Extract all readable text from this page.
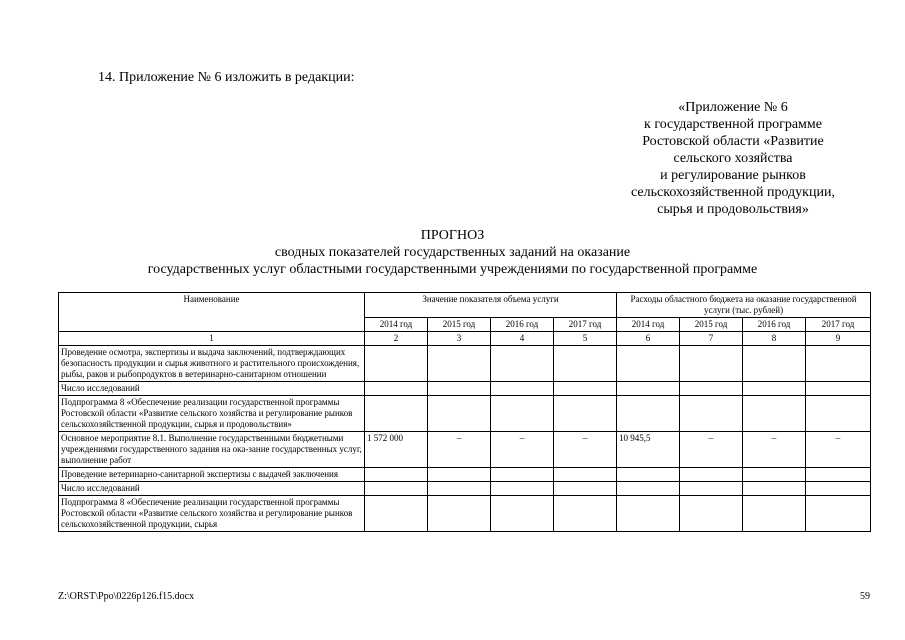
14. Приложение № 6 изложить в редакции:
«Приложение № 6
к государственной программе
Ростовской области «Развитие
сельского хозяйства
и регулирование рынков
сельскохозяйственной продукции,
сырья и продовольствия»
ПРОГНОЗ
сводных показателей государственных заданий на оказание
государственных услуг областными государственными учреждениями по государственной программе
Наименование	Значение показателя объема услуги				Расходы областного бюджета на оказание государственной услуги (тыс. рублей)			
	2014 год	2015 год	2016 год	2017 год	2014 год	2015 год	2016 год	2017 год
1	2	3	4	5	6	7	8	9
Проведение осмотра, экспертизы и выдача заключений, подтверждающих безопасность продукции и сырья животного и растительного происхождения, рыбы, раков и рыбопродуктов в ветеринарно-санитарном отношении								
Число исследований								
Подпрограмма 8 «Обеспечение реализации государственной программы Ростовской области «Развитие сельского хозяйства и регулирование рынков сельскохозяйственной продукции, сырья и продовольствия»								
Основное мероприятие 8.1. Выполнение государственными бюджетными учреждениями государственного задания на ока-зание государственных услуг, выполнение работ	1 572 000	–	–	–	10 945,5	–	–	–
Проведение ветеринарно-санитарной экспертизы с выдачей заключения								
Число исследований								
Подпрограмма 8 «Обеспечение реализации государственной программы Ростовской области «Развитие сельского хозяйства и регулирование рынков сельскохозяйственной продукции, сырья								
Z:\ORST\Ppo\0226p126.f15.docx	59
